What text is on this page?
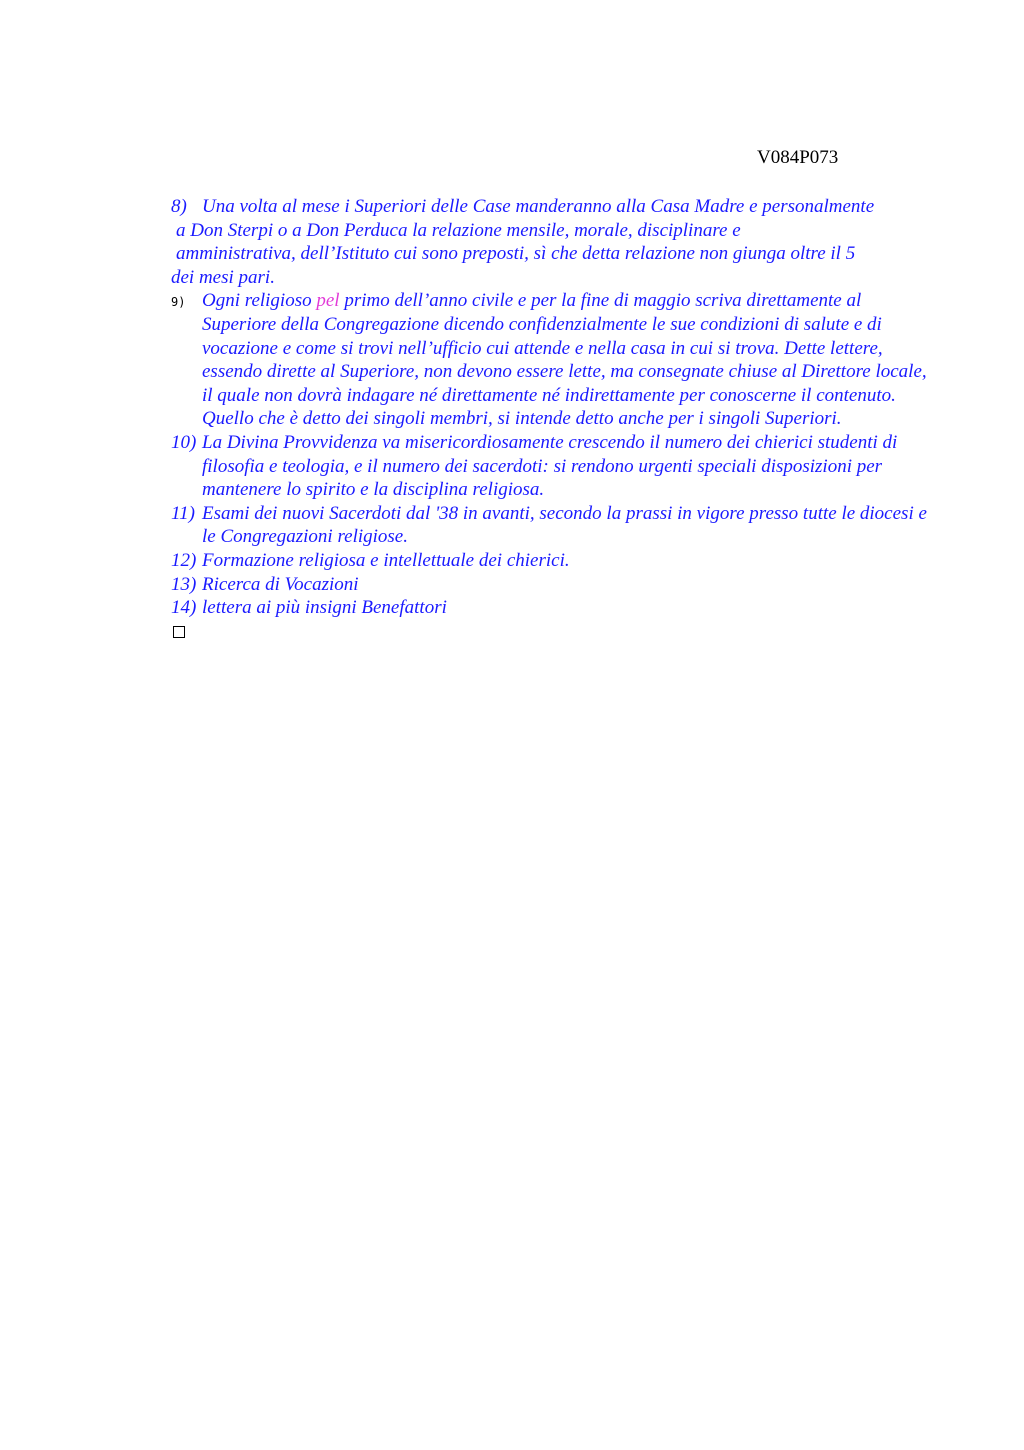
V084P073
8) Una volta al mese i Superiori delle Case manderanno alla Casa Madre e personalmente
a Don Sterpi o a Don Perduca la relazione mensile, morale, disciplinare e
amministrativa, dell’Istituto cui sono preposti, sì che detta relazione non giunga oltre il 5
dei mesi pari.
9) Ogni religioso pel primo dell’anno civile e per la fine di maggio scriva direttamente al Superiore della Congregazione dicendo confidenzialmente le sue condizioni di salute e di vocazione e come si trovi nell’ufficio cui attende e nella casa in cui si trova. Dette lettere, essendo dirette al Superiore, non devono essere lette, ma consegnate chiuse al Direttore locale, il quale non dovrà indagare né direttamente né indirettamente per conoscerne il contenuto. Quello che è detto dei singoli membri, si intende detto anche per i singoli Superiori.
10) La Divina Provvidenza va misericordiosamente crescendo il numero dei chierici studenti di filosofia e teologia, e il numero dei sacerdoti: si rendono urgenti speciali disposizioni per mantenere lo spirito e la disciplina religiosa.
11) Esami dei nuovi Sacerdoti dal '38 in avanti, secondo la prassi in vigore presso tutte le diocesi e le Congregazioni religiose.
12) Formazione religiosa e intellettuale dei chierici.
13) Ricerca di Vocazioni
14) lettera ai più insigni Benefattori
